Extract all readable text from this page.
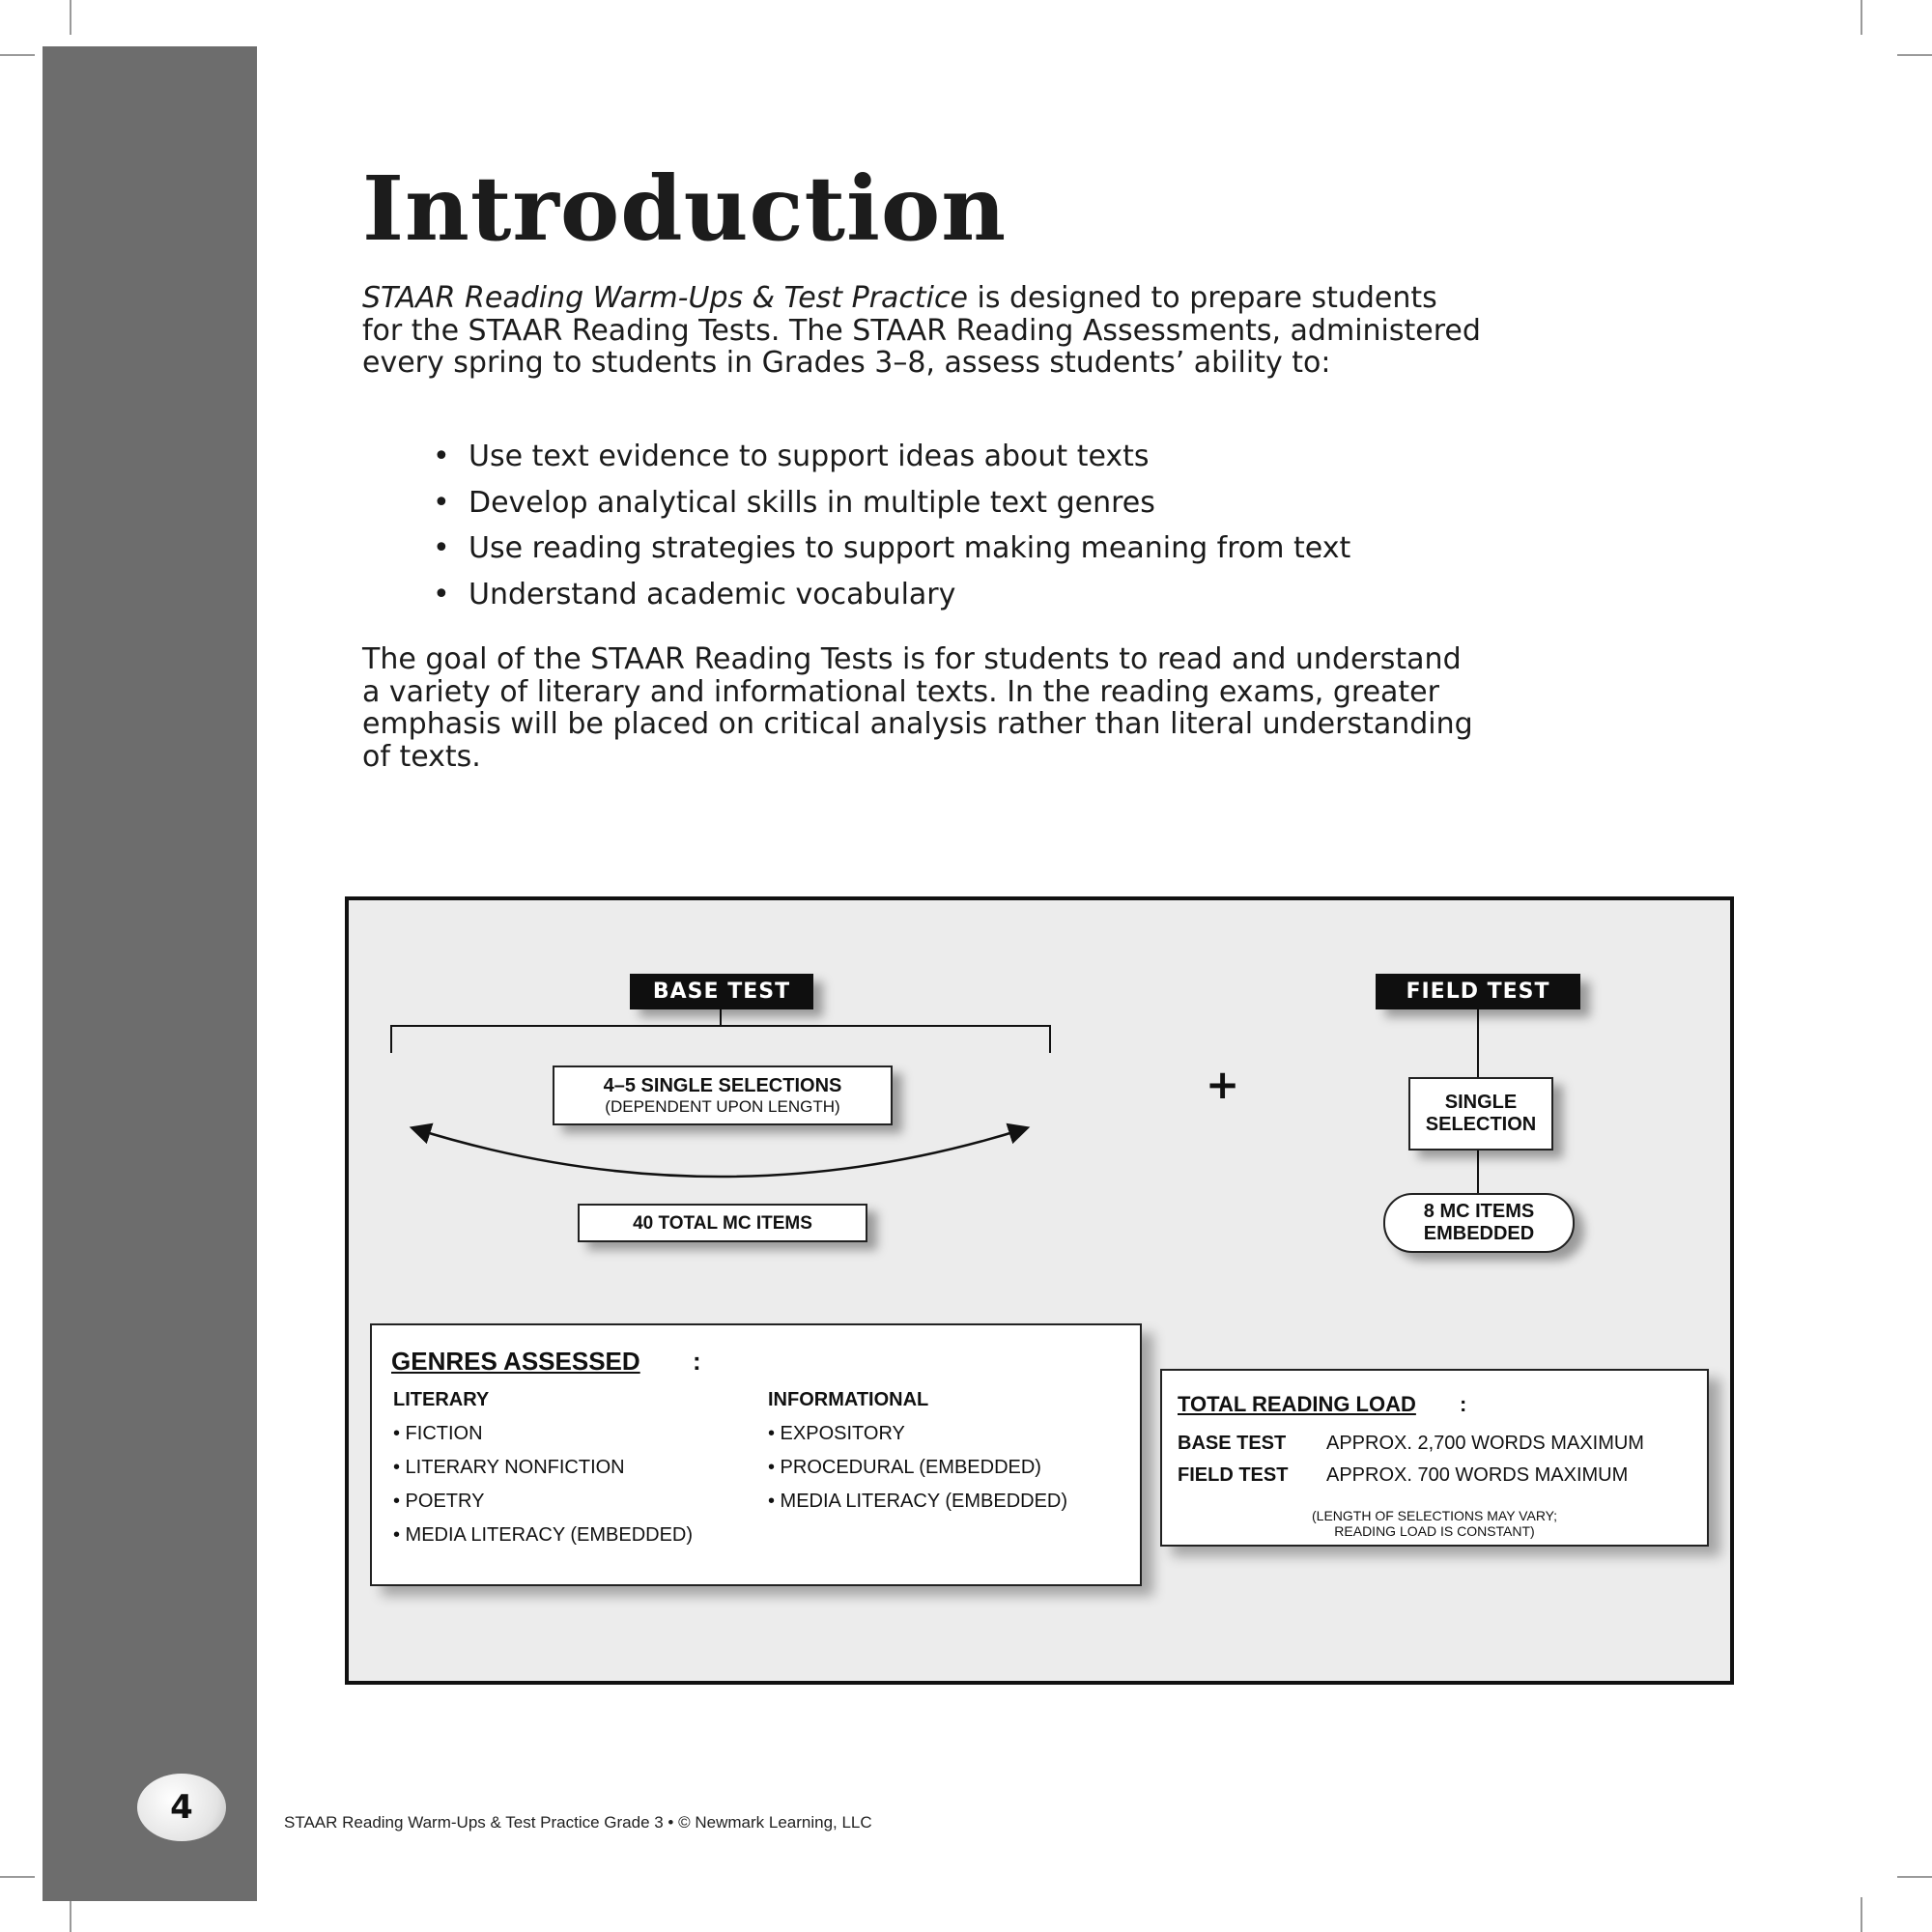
4	STAAR Reading Warm-Ups & Test Practice Grade 3 • © Newmark Learning, LLC
Introduction
STAAR Reading Warm-Ups & Test Practice is designed to prepare students for the STAAR Reading Tests. The STAAR Reading Assessments, administered every spring to students in Grades 3–8, assess students’ ability to:
• Use text evidence to support ideas about texts
• Develop analytical skills in multiple text genres
• Use reading strategies to support making meaning from text
• Understand academic vocabulary
The goal of the STAAR Reading Tests is for students to read and understand a variety of literary and informational texts. In the reading exams, greater emphasis will be placed on critical analysis rather than literal understanding of texts.
BASE TEST	FIELD TEST
4–5 SINGLE SELECTIONS
(DEPENDENT UPON LENGTH)
40 TOTAL MC ITEMS
+	SINGLE
SELECTION
8 MC ITEMS
EMBEDDED
GENRES ASSESSED :
LITERARY
• FICTION
• LITERARY NONFICTION
• POETRY
• MEDIA LITERACY (EMBEDDED)
INFORMATIONAL
• EXPOSITORY
• PROCEDURAL (EMBEDDED)
• MEDIA LITERACY (EMBEDDED)
TOTAL READING LOAD :
BASE TEST APPROX. 2,700 WORDS MAXIMUM
FIELD TEST APPROX. 700 WORDS MAXIMUM
(LENGTH OF SELECTIONS MAY VARY;
READING LOAD IS CONSTANT)
